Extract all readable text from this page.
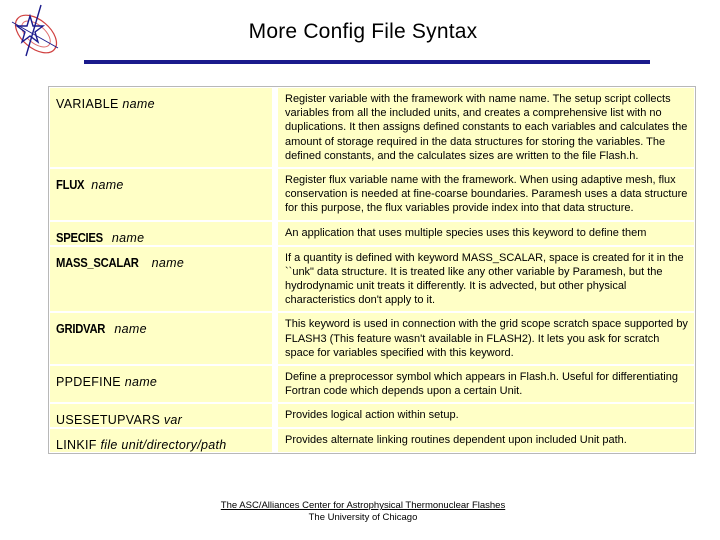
More Config File Syntax
VARIABLE name	Register variable with the framework with name name. The setup script collects variables from all the included units, and creates a comprehensive list with no duplications. It then assigns defined constants to each variables and calculates the amount of storage required in the data structures for storing the variables. The defined constants, and the calculates sizes are written to the file Flash.h.
FLUX name	Register flux variable name with the framework. When using adaptive mesh, flux conservation is needed at fine-coarse boundaries. Paramesh uses a data structure for this purpose, the flux variables provide index into that data structure.
SPECIES name	An application that uses multiple species uses this keyword to define them
MASS_SCALAR name	If a quantity is defined with keyword MASS_SCALAR, space is created for it in the ``unk" data structure. It is treated like any other variable by Paramesh, but the hydrodynamic unit treats it differently. It is advected, but other physical characteristics don't apply to it.
GRIDVAR name	This keyword is used in connection with the grid scope scratch space supported by FLASH3 (This feature wasn't available in FLASH2). It lets you ask for scratch space for variables specified with this keyword.
PPDEFINE name	Define a preprocessor symbol which appears in Flash.h. Useful for differentiating Fortran code which depends upon a certain Unit.
USESETUPVARS var	Provides logical action within setup.
LINKIF file unit/directory/path	Provides alternate linking routines dependent upon included Unit path.
The ASC/Alliances Center for Astrophysical Thermonuclear Flashes
The University of Chicago
